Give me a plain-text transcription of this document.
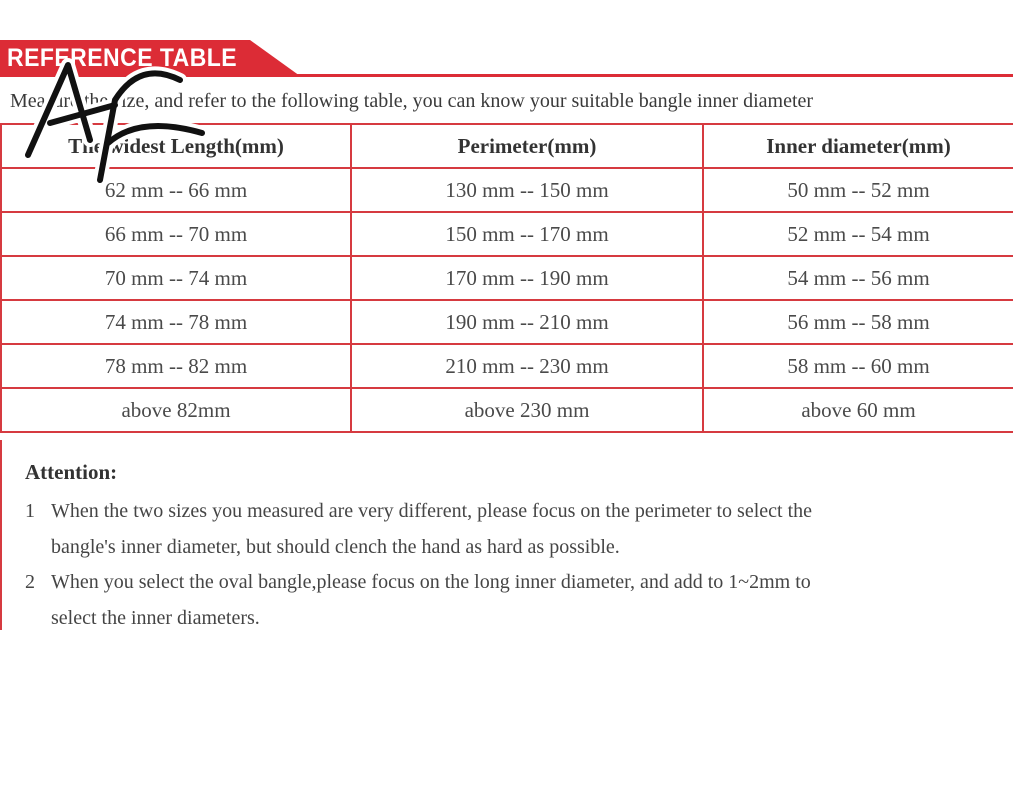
REFERENCE TABLE
Measure the size, and refer to the following table, you can know your suitable bangle inner diameter
The widest Length(mm)	Perimeter(mm)	Inner diameter(mm)
62 mm -- 66 mm	130 mm -- 150 mm	50 mm -- 52 mm
66 mm -- 70 mm	150 mm -- 170 mm	52 mm -- 54 mm
70 mm -- 74 mm	170 mm -- 190 mm	54 mm -- 56 mm
74 mm -- 78 mm	190 mm -- 210 mm	56 mm -- 58 mm
78 mm -- 82 mm	210 mm -- 230 mm	58 mm -- 60 mm
above 82mm	above 230 mm	above 60 mm
Attention:
1 When the two sizes you measured are very different, please focus on the perimeter to select the
bangle's inner diameter, but should clench the hand as hard as possible.
2 When you select the oval bangle,please focus on the long inner diameter, and add to 1~2mm to
select the inner diameters.
